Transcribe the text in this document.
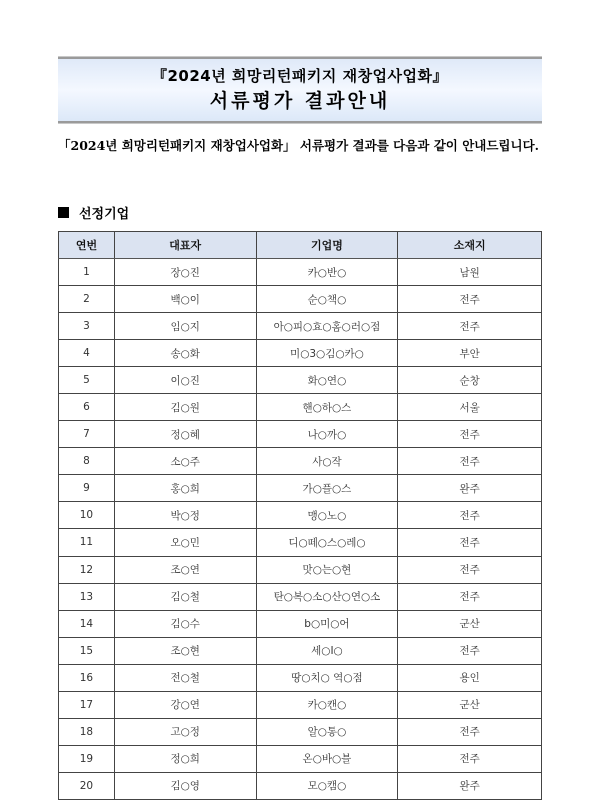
『2024년 희망리턴패키지 재창업사업화』
서류평가 결과안내
「2024년 희망리턴패키지 재창업사업화」 서류평가 결과를 다음과 같이 안내드립니다.
선정기업
연번	대표자	기업명	소재지
1	장○진	카○반○	남원
2	백○이	순○책○	전주
3	임○지	아○피○효○홈○러○점	전주
4	송○화	미○3○김○카○	부안
5	이○진	화○연○	순창
6	김○원	핸○하○스	서울
7	정○혜	나○까○	전주
8	소○주	사○작	전주
9	홍○희	가○플○스	완주
10	박○정	맹○노○	전주
11	오○민	디○떼○스○레○	전주
12	조○연	맛○는○현	전주
13	김○철	탄○복○소○산○연○소	전주
14	김○수	b○미○어	군산
15	조○현	세○I○	전주
16	전○철	땅○치○ 역○점	용인
17	강○연	카○캔○	군산
18	고○정	알○통○	전주
19	정○희	온○바○블	전주
20	김○영	모○캠○	완주
